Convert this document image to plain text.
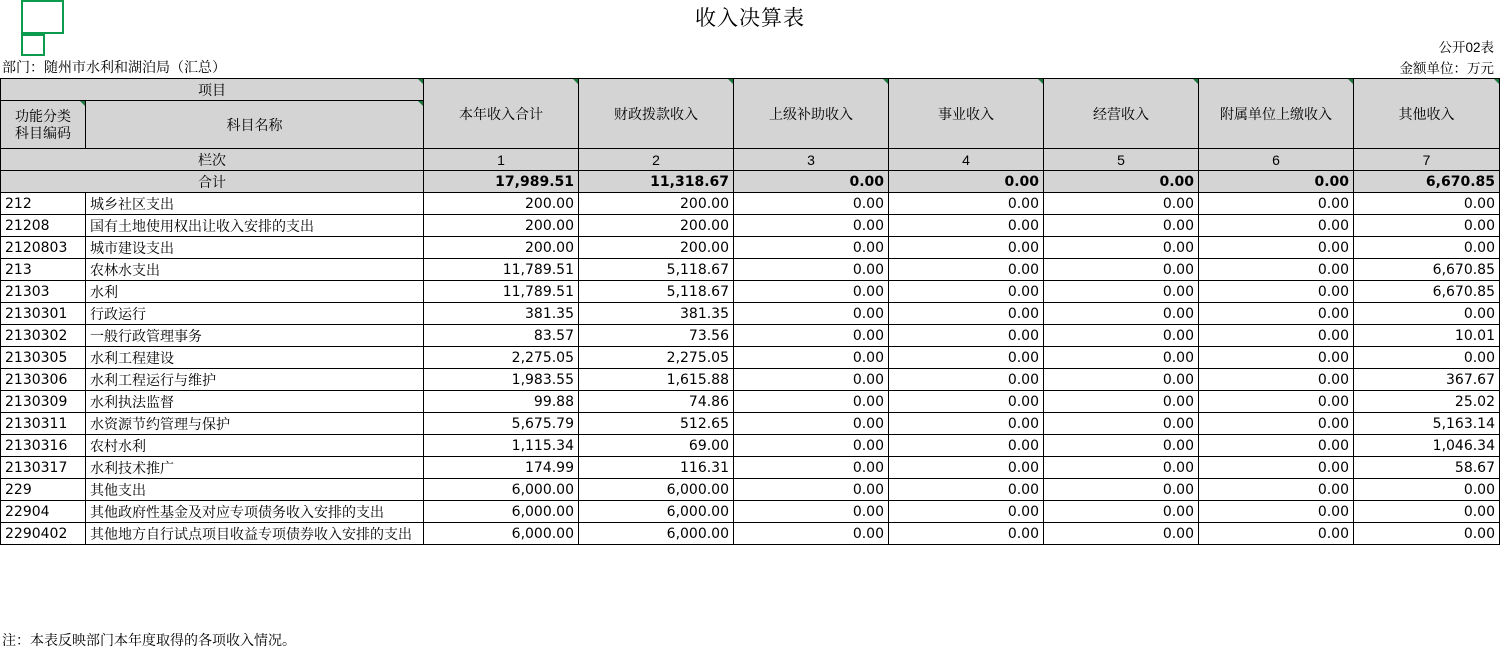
收入决算表
公开02表
部门：随州市水利和湖泊局（汇总）	金额单位：万元
项目		本年收入合计	财政拨款收入	上级补助收入	事业收入	经营收入	附属单位上缴收入	其他收入

功能分类
科目编码	科目名称							
栏次		1	2	3	4	5	6	7
合计		17,989.51	11,318.67	0.00	0.00	0.00	0.00	6,670.85
212	城乡社区支出	200.00	200.00	0.00	0.00	0.00	0.00	0.00
21208	国有土地使用权出让收入安排的支出	200.00	200.00	0.00	0.00	0.00	0.00	0.00
2120803	城市建设支出	200.00	200.00	0.00	0.00	0.00	0.00	0.00
213	农林水支出	11,789.51	5,118.67	0.00	0.00	0.00	0.00	6,670.85
21303	水利	11,789.51	5,118.67	0.00	0.00	0.00	0.00	6,670.85
2130301	行政运行	381.35	381.35	0.00	0.00	0.00	0.00	0.00
2130302	一般行政管理事务	83.57	73.56	0.00	0.00	0.00	0.00	10.01
2130305	水利工程建设	2,275.05	2,275.05	0.00	0.00	0.00	0.00	0.00
2130306	水利工程运行与维护	1,983.55	1,615.88	0.00	0.00	0.00	0.00	367.67
2130309	水利执法监督	99.88	74.86	0.00	0.00	0.00	0.00	25.02
2130311	水资源节约管理与保护	5,675.79	512.65	0.00	0.00	0.00	0.00	5,163.14
2130316	农村水利	1,115.34	69.00	0.00	0.00	0.00	0.00	1,046.34
2130317	水利技术推广	174.99	116.31	0.00	0.00	0.00	0.00	58.67
229	其他支出	6,000.00	6,000.00	0.00	0.00	0.00	0.00	0.00
22904	其他政府性基金及对应专项债务收入安排的支出	6,000.00	6,000.00	0.00	0.00	0.00	0.00	0.00
2290402	其他地方自行试点项目收益专项债券收入安排的支出	6,000.00	6,000.00	0.00	0.00	0.00	0.00	0.00
注：本表反映部门本年度取得的各项收入情况。
